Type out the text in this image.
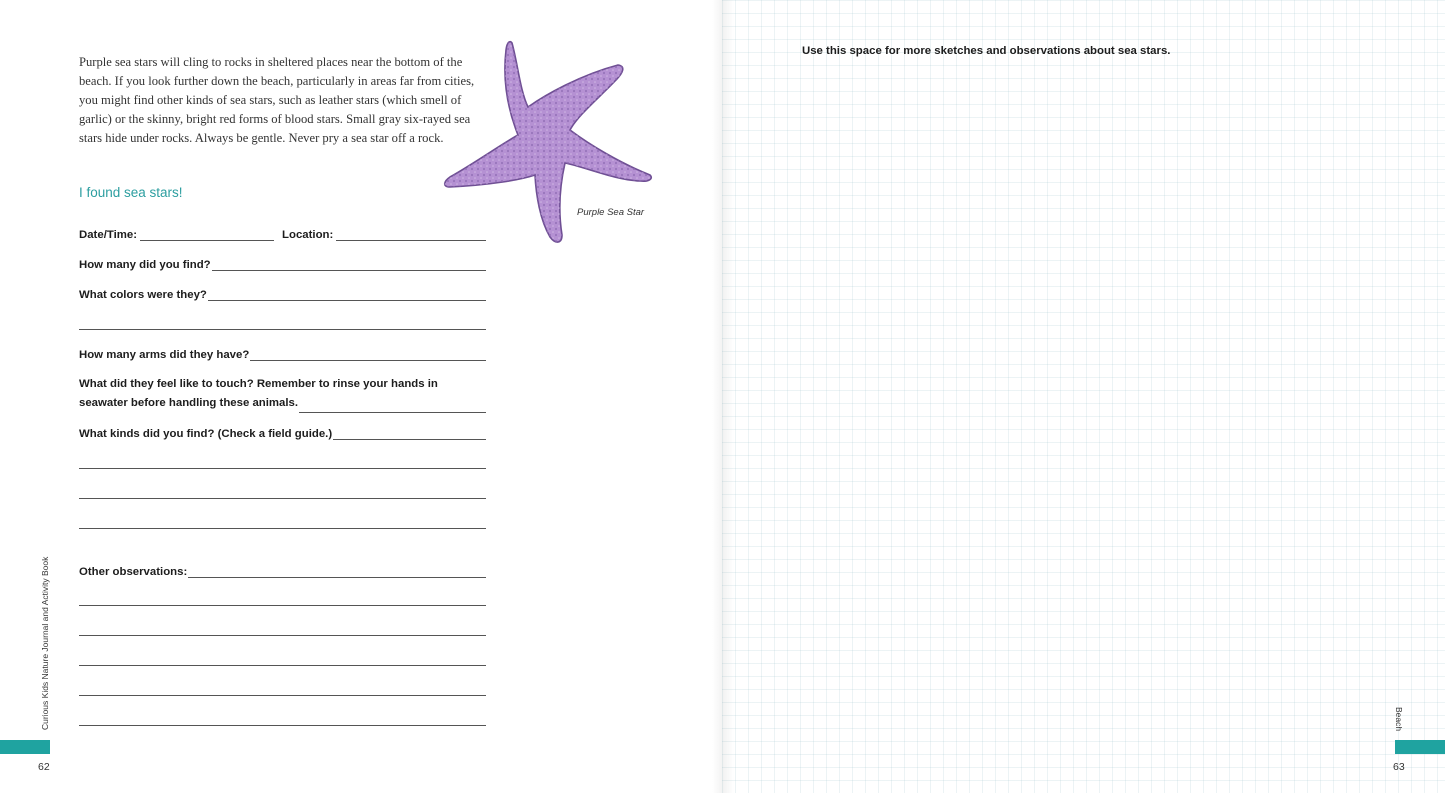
Purple sea stars will cling to rocks in sheltered places near the bottom of the beach. If you look further down the beach, particularly in areas far from cities, you might find other kinds of sea stars, such as leather stars (which smell of garlic) or the skinny, bright red forms of blood stars. Small gray six-rayed sea stars hide under rocks. Always be gentle. Never pry a sea star off a rock.
Purple Sea Star
I found sea stars!
Date/Time:	Location:
How many did you find?
What colors were they?
How many arms did they have?
What did they feel like to touch? Remember to rinse your hands in
seawater before handling these animals.
What kinds did you find? (Check a field guide.)
Other observations:
Curious Kids Nature Journal and Activity Book
62
Use this space for more sketches and observations about sea stars.
Beach
63
